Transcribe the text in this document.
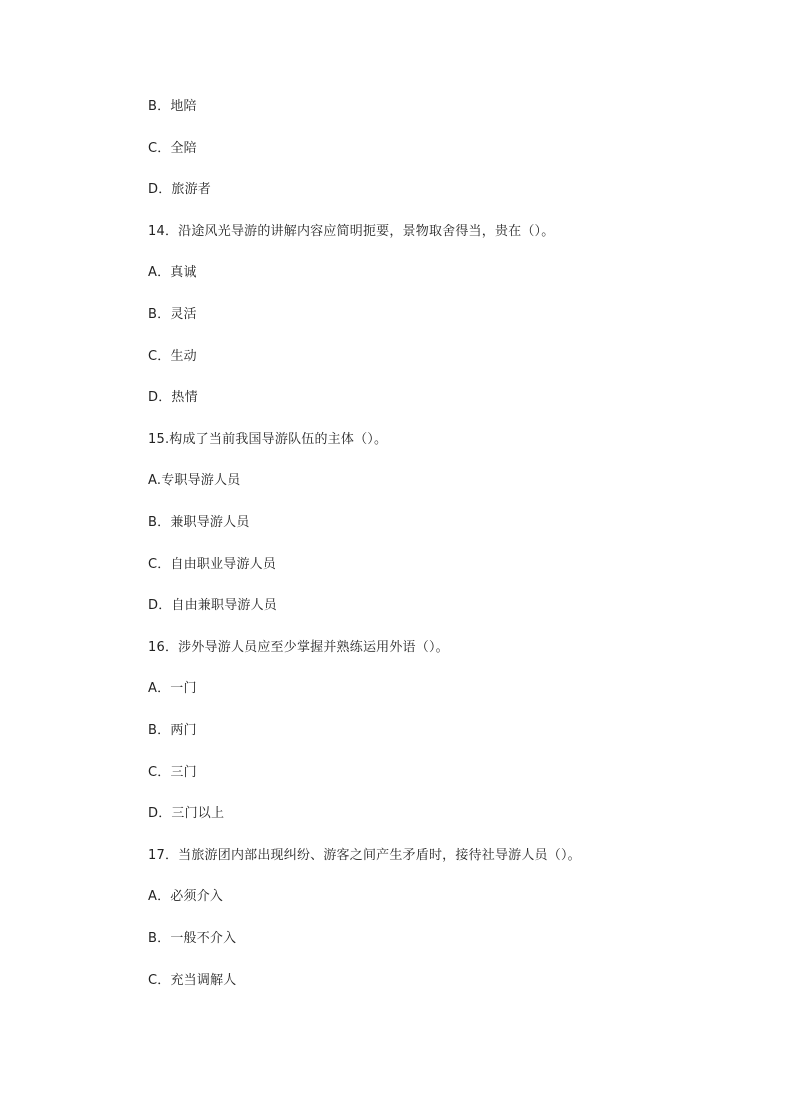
B．地陪
C．全陪
D．旅游者
14．沿途风光导游的讲解内容应简明扼要，景物取舍得当，贵在（）。
A．真诚
B．灵活
C．生动
D．热情
15.构成了当前我国导游队伍的主体（）。
A.专职导游人员
B．兼职导游人员
C．自由职业导游人员
D．自由兼职导游人员
16．涉外导游人员应至少掌握并熟练运用外语（）。
A．一门
B．两门
C．三门
D．三门以上
17．当旅游团内部出现纠纷、游客之间产生矛盾时，接待社导游人员（）。
A．必须介入
B．一般不介入
C．充当调解人
